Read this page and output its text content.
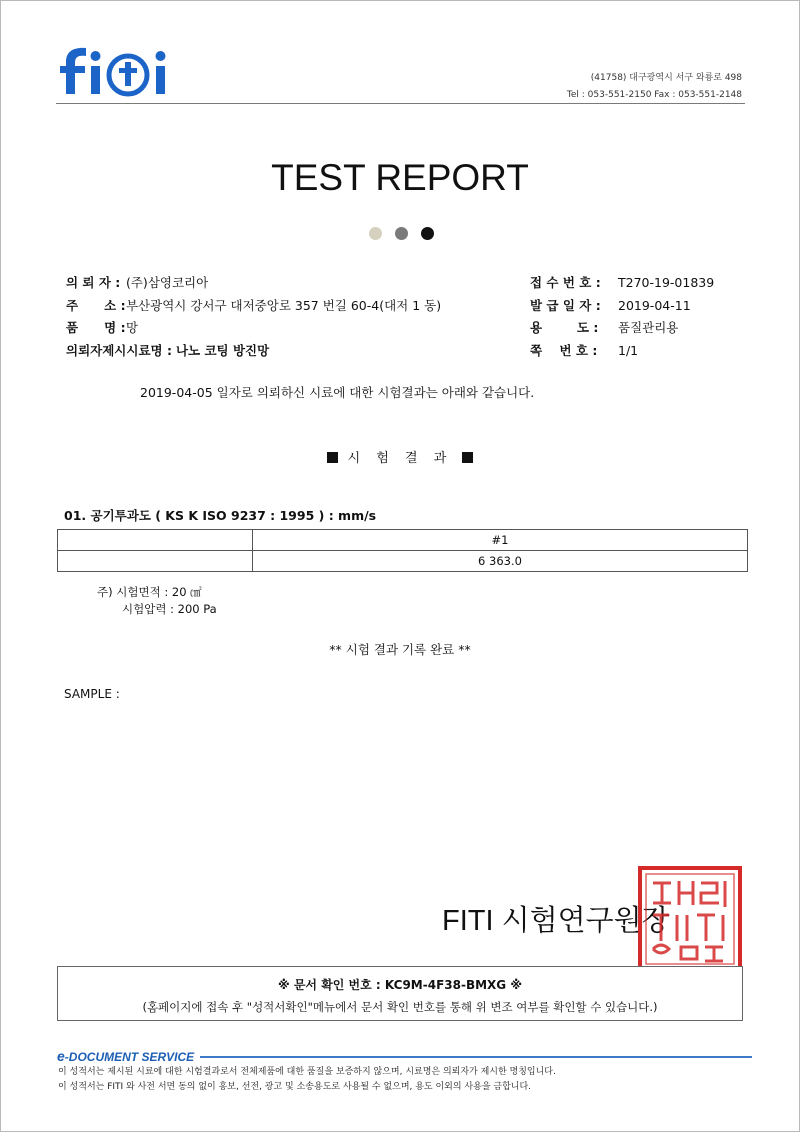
(41758) 대구광역시 서구 와룡로 498
Tel : 053-551-2150 Fax : 053-551-2148
TEST REPORT
의 뢰 자 : (주)삼영코리아
주      소 : 부산광역시 강서구 대저중앙로 357 번길 60-4(대저 1 동)
품      명 : 망
의뢰자제시시료명 : 나노 코팅 방진망
접 수 번 호 : T270-19-01839
발 급 일 자 : 2019-04-11
용        도 : 품질관리용
쪽    번 호 : 1/1
2019-04-05 일자로 의뢰하신 시료에 대한 시험결과는 아래와 같습니다.
시 험 결 과
01. 공기투과도 ( KS K ISO 9237 : 1995 ) : mm/s
	#1
	6 363.0
주) 시험면적 : 20 ㎠
시험압력 : 200 Pa
** 시험 결과 기록 완료 **
SAMPLE :
FITI 시험연구원장
※ 문서 확인 번호 : KC9M-4F38-BMXG ※
(홈페이지에 접속 후 "성적서확인"메뉴에서 문서 확인 번호를 통해 위 변조 여부를 확인할 수 있습니다.)
e-DOCUMENT SERVICE
이 성적서는 제시된 시료에 대한 시험결과로서 전체제품에 대한 품질을 보증하지 않으며, 시료명은 의뢰자가 제시한 명칭입니다.
이 성적서는 FITI 와 사전 서면 동의 없이 홍보, 선전, 광고 및 소송용도로 사용될 수 없으며, 용도 이외의 사용을 금합니다.
